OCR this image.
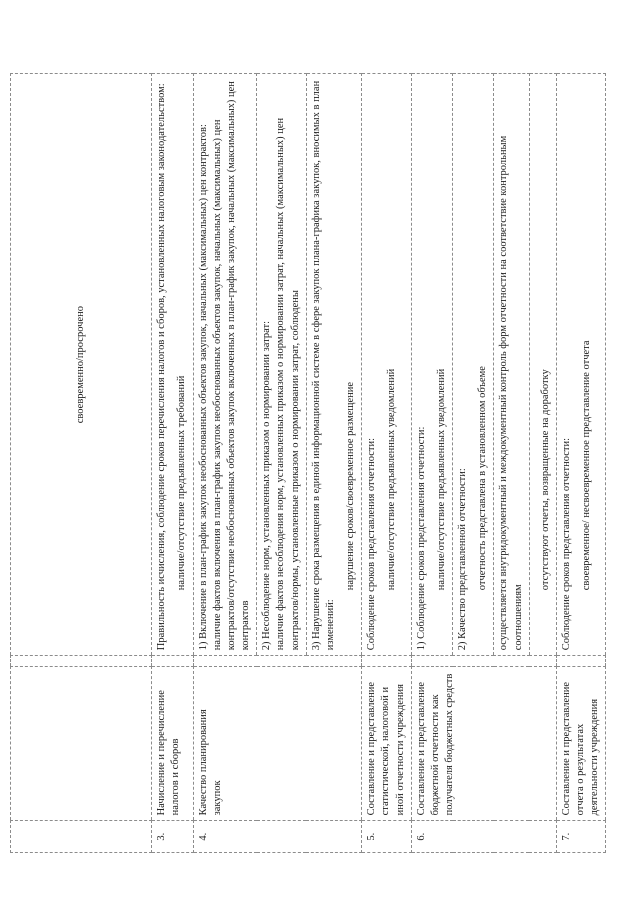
			своевременно/просрочено

3.	Начисление и перечисление налогов и сборов		Правильность исчисления, соблюдение сроков перечисления налогов и сборов, установленных налоговым законодательством: наличие/отсутствие предъявленных требований

4.	Качество планирования закупок		1) Включение в план-график закупок необоснованных объектов закупок, начальных (максимальных) цен контрактов: наличие фактов включения в план-график закупок необоснованных объектов закупок, начальных (максимальных) цен контрактов/отсутствие необоснованных объектов закупок включенных в план-график закупок, начальных (максимальных) цен контрактов

			2) Несоблюдение норм, установленных приказом о нормировании затрат: наличие фактов несоблюдения норм, установленных приказом о нормировании затрат, начальных (максимальных) цен контрактов/нормы, установленные приказом о нормировании затрат, соблюдены

			3) Нарушение срока размещения в единой информационной системе в сфере закупок плана-графика закупок, вносимых в план изменений:
нарушение сроков/своевременное размещение

5.	Составление и представление статистической, налоговой и иной отчетности учреждения		Соблюдение сроков представления отчетности: наличие/отсутствие предъявленных уведомлений

6.	Составление и представление бюджетной отчетности как получателя бюджетных средств		1) Соблюдение сроков представления отчетности: наличие/отсутствие предъявленных уведомлений

			2) Качество представленной отчетности: отчетность представлена в установленном объеме

			осуществляется внутридокументный и междокументный контроль форм отчетности на соответствие контрольным соотношениям

			отсутствуют отчеты, возвращенные на доработку

7.	Составление и представление отчета о результатах деятельности учреждения		Соблюдение сроков представления отчетности: своевременное/ несвоевременное представление отчета
